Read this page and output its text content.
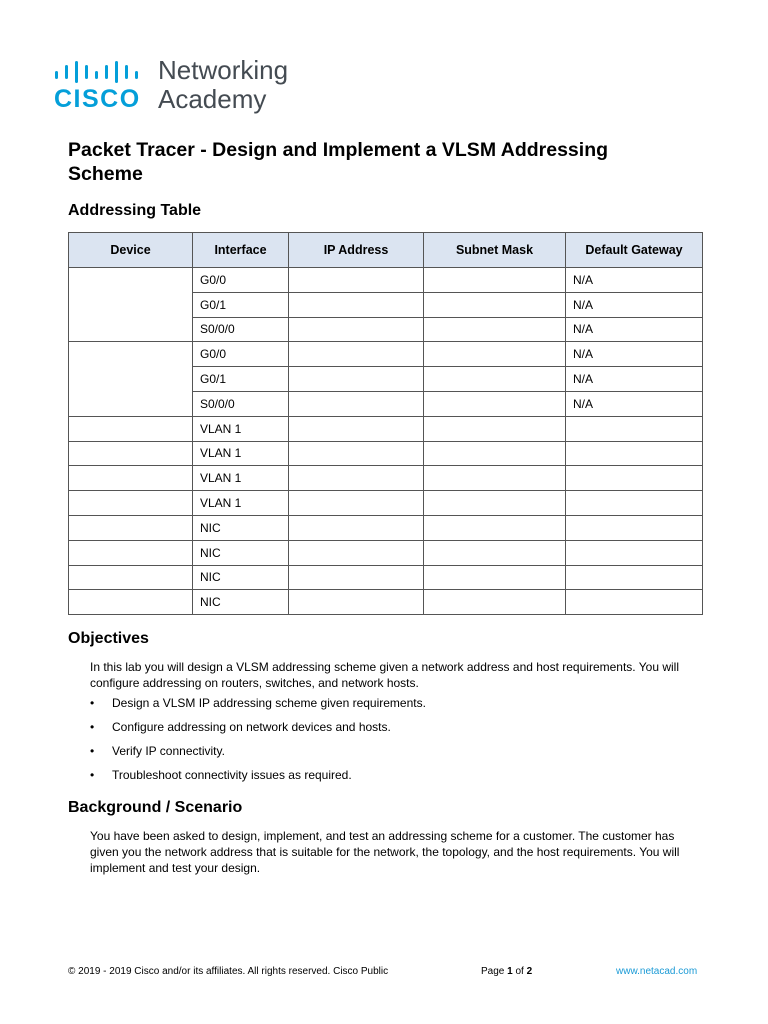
CISCO
Networking
Academy
Packet Tracer - Design and Implement a VLSM Addressing Scheme
Addressing Table
Device	Interface	IP Address	Subnet Mask	Default Gateway
	G0/0			N/A
	G0/1			N/A
	S0/0/0			N/A
	G0/0			N/A
	G0/1			N/A
	S0/0/0			N/A
	VLAN 1			
	VLAN 1			
	VLAN 1			
	VLAN 1			
	NIC			
	NIC			
	NIC			
	NIC			
Objectives

In this lab you will design a VLSM addressing scheme given a network address and host requirements. You will configure addressing on routers, switches, and network hosts.

• Design a VLSM IP addressing scheme given requirements.
• Configure addressing on network devices and hosts.
• Verify IP connectivity.
• Troubleshoot connectivity issues as required.
Background / Scenario

You have been asked to design, implement, and test an addressing scheme for a customer. The customer has given you the network address that is suitable for the network, the topology, and the host requirements. You will implement and test your design.

© 2019 - 2019 Cisco and/or its affiliates. All rights reserved. Cisco Public	Page 1 of 2	www.netacad.com
